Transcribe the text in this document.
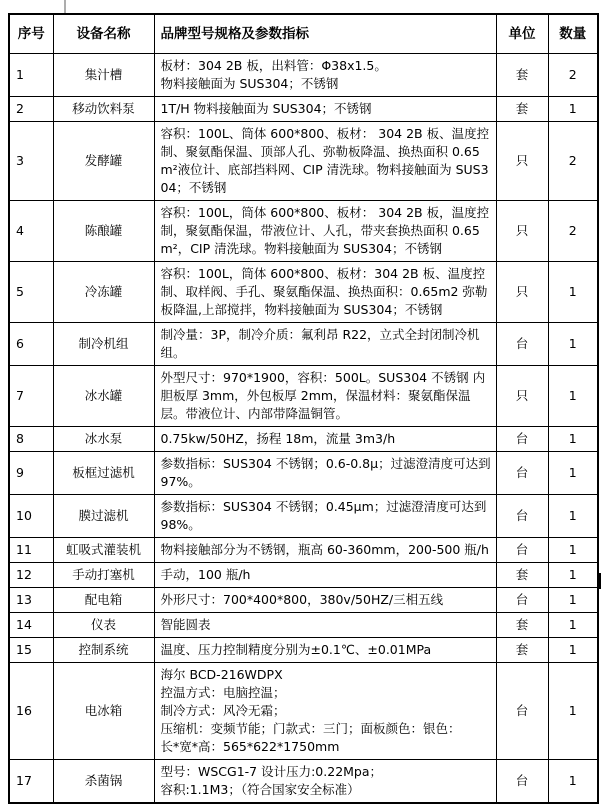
序号	设备名称	品牌型号规格及参数指标	单位	数量
1	集汁槽	板材：304 2B 板，出料管：Φ38x1.5。
物料接触面为 SUS304；不锈钢	套	2
2	移动饮料泵	1T/H 物料接触面为 SUS304；不锈钢	套	1
3	发酵罐	容积：100L、筒体 600*800、板材： 304 2B 板、温度控制、聚氨酯保温、顶部人孔、弥勒板降温、换热面积 0.65 m²液位计、底部挡料网、CIP 清洗球。物料接触面为 SUS304；不锈钢	只	2
4	陈酿罐	容积：100L，筒体 600*800、板材： 304 2B 板，温度控制，聚氨酯保温，带液位计、人孔，带夹套换热面积 0.65 m²，CIP 清洗球。物料接触面为 SUS304；不锈钢	只	2
5	冷冻罐	容积：100L，筒体 600*800、板材：304 2B 板、温度控制、取样阀、手孔、聚氨酯保温、换热面积：0.65m2 弥勒板降温,上部搅拌，物料接触面为 SUS304；不锈钢	只	1
6	制冷机组	制冷量：3P，制冷介质：氟利昂 R22，立式全封闭制冷机组。	台	1
7	冰水罐	外型尺寸：970*1900，容积：500L。SUS304 不锈钢 内胆板厚 3mm，外包板厚 2mm，保温材料：聚氨酯保温层。带液位计、内部带降温铜管。	只	1
8	冰水泵	0.75kw/50HZ，扬程 18m，流量 3m3/h	台	1
9	板框过滤机	参数指标：SUS304 不锈钢；0.6-0.8μ；过滤澄清度可达到 97%。	台	1
10	膜过滤机	参数指标：SUS304 不锈钢；0.45μm；过滤澄清度可达到 98%。	台	1
11	虹吸式灌装机	物料接触部分为不锈钢，瓶高 60-360mm，200-500 瓶/h	台	1
12	手动打塞机	手动，100 瓶/h	套	1
13	配电箱	外形尺寸：700*400*800，380v/50HZ/三相五线	台	1
14	仪表	智能圆表	套	1
15	控制系统	温度、压力控制精度分别为±0.1℃、±0.01MPa	套	1
16	电冰箱	海尔 BCD-216WDPX
控温方式：电脑控温；
制冷方式：风冷无霜；
压缩机：变频节能；门款式：三门；面板颜色：银色：
长*宽*高：565*622*1750mm	台	1
17	杀菌锅	型号：WSCG1-7 设计压力:0.22Mpa；
容积:1.1M3；（符合国家安全标准）	台	1
